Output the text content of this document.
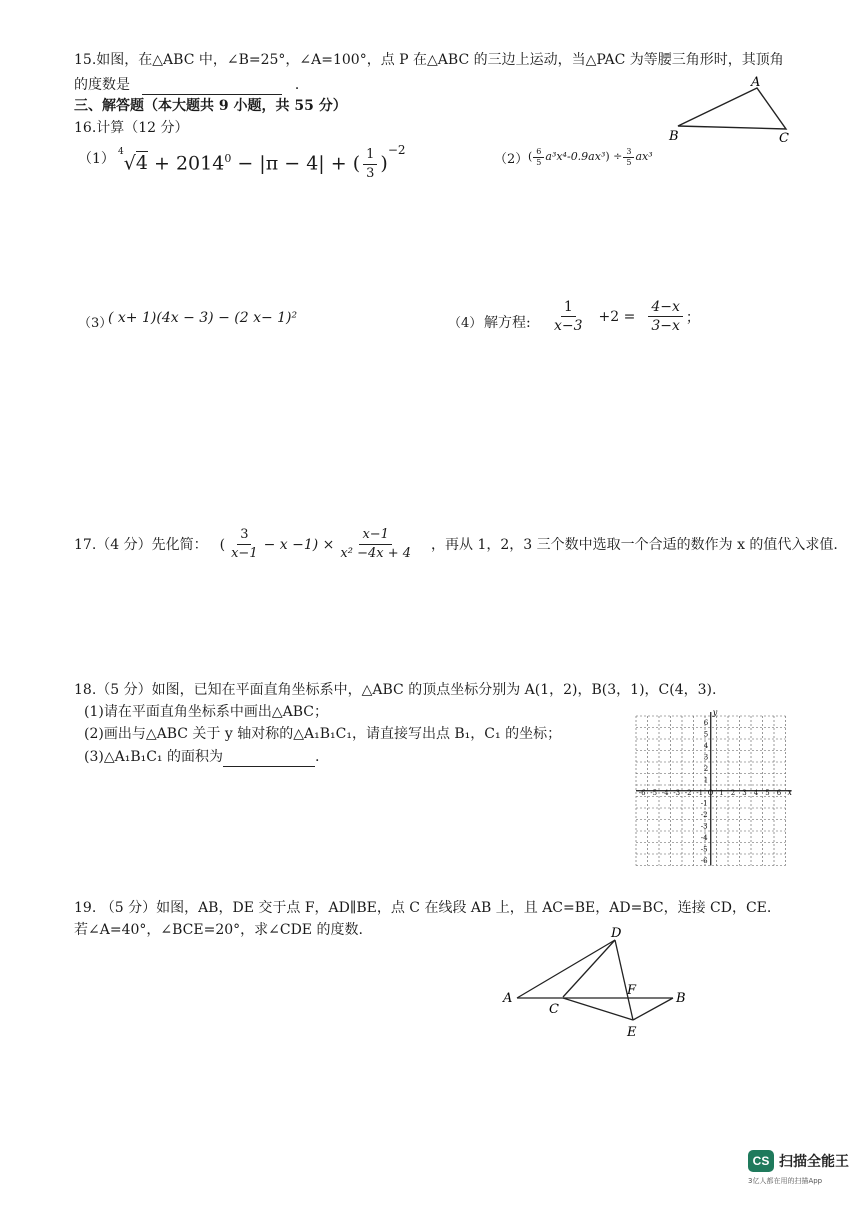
15.如图，在△ABC 中，∠B=25°，∠A=100°，点 P 在△ABC 的三边上运动，当△PAC 为等腰三角形时，其顶角
的度数是	．	A
B	C
三、解答题（本大题共 9 小题，共 55 分）
16.计算（12 分）
（1） $^4√4 + 2014^0 - |\pi - 4|$ + ( $\frac{1}{3} )^{-2}$
（2） ( $\frac{6}{5} a^3x^4-0.9ax^3) \div \frac{3}{5} ax^3$
（3）
( x+ 1)(4x − 3) − (2 x− 1)²	（4） 解方程: $\frac{1}{x-3} +2 = \frac{4-x}{3-x}$ ；
17.（4 分）先化简： ( $\frac{3}{x-1} - x -1) \times \frac{x-1}{\text{x² −4x + 4}}$ ，再从 1，2，3 三个数中选取一个合适的数作为 x 的值代入求值.
18.（5 分）如图，已知在平面直角坐标系中，△ABC 的顶点坐标分别为 A(1，2)，B(3，1)，C(4，3).
(1)请在平面直角坐标系中画出△ABC；
(2)画出与△ABC 关于 y 轴对称的△A₁B₁C₁，请直接写出点 B₁，C₁ 的坐标；
(3)△A₁B₁C₁ 的面积为	.
-6 -5 -4 -3 -2 -1 O 1 2 3 4 5 6
6
5
4
3
2
1
-1
-2
-3
-4
-5
-6
x
y
19. （5 分）如图，AB，DE 交于点 F，AD∥BE，点 C 在线段 AB 上，且 AC=BE，AD=BC，连接 CD，CE.
若∠A=40°，∠BCE=20°，求∠CDE 的度数.	D
A
C
F
B
E
CS 扫描全能王
3亿人都在用的扫描App
